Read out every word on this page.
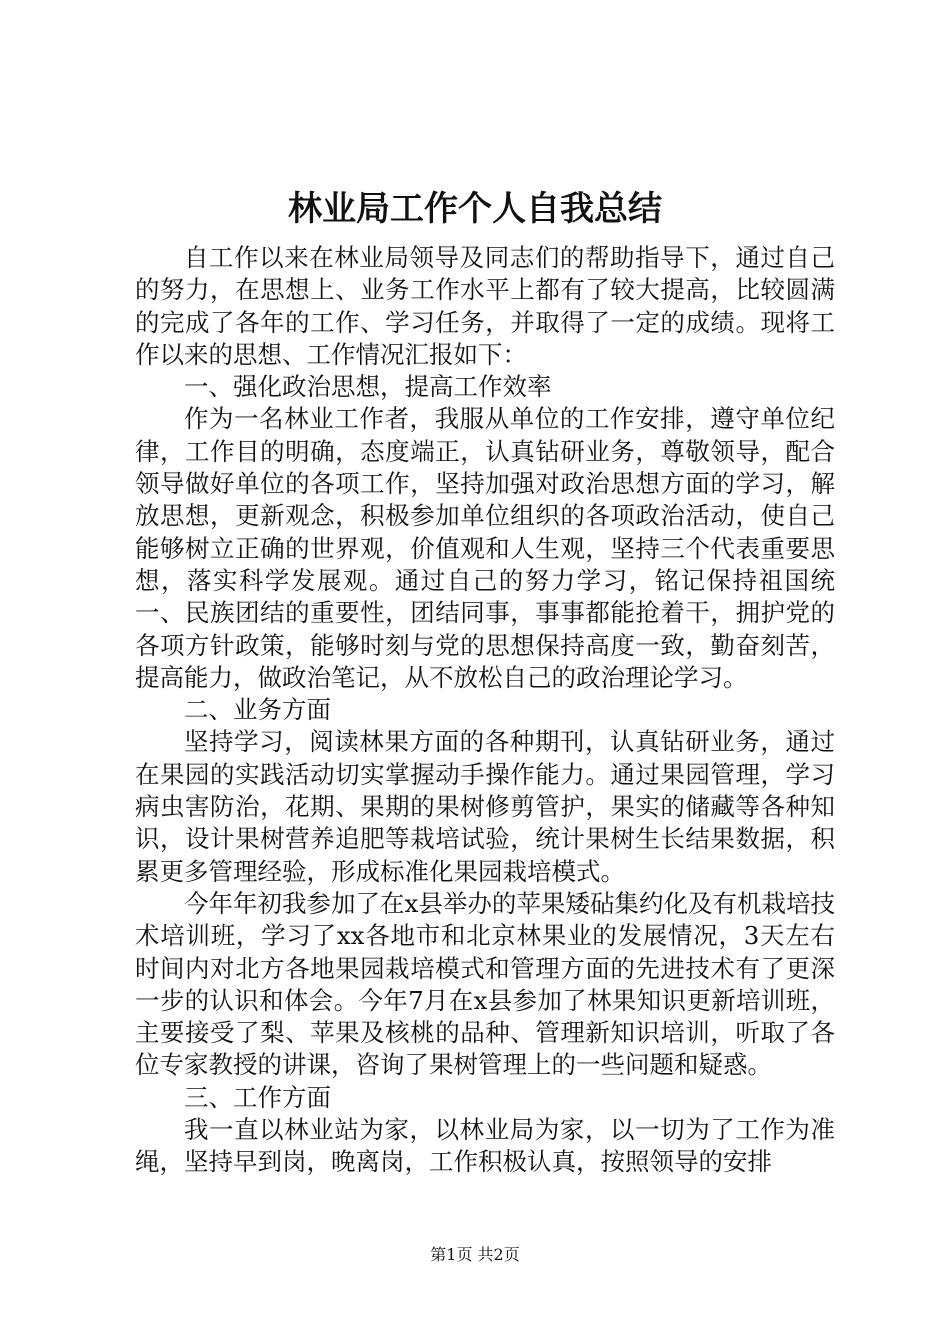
林业局工作个人自我总结

自工作以来在林业局领导及同志们的帮助指导下，通过自己的努力，在思想上、业务工作水平上都有了较大提高，比较圆满的完成了各年的工作、学习任务，并取得了一定的成绩。现将工作以来的思想、工作情况汇报如下：

一、强化政治思想，提高工作效率

作为一名林业工作者，我服从单位的工作安排，遵守单位纪律，工作目的明确，态度端正，认真钻研业务，尊敬领导，配合领导做好单位的各项工作，坚持加强对政治思想方面的学习，解放思想，更新观念，积极参加单位组织的各项政治活动，使自己能够树立正确的世界观，价值观和人生观，坚持三个代表重要思想，落实科学发展观。通过自己的努力学习，铭记保持祖国统一、民族团结的重要性，团结同事，事事都能抢着干，拥护党的各项方针政策，能够时刻与党的思想保持高度一致，勤奋刻苦，提高能力，做政治笔记，从不放松自己的政治理论学习。

二、业务方面

坚持学习，阅读林果方面的各种期刊，认真钻研业务，通过在果园的实践活动切实掌握动手操作能力。通过果园管理，学习病虫害防治，花期、果期的果树修剪管护，果实的储藏等各种知识，设计果树营养追肥等栽培试验，统计果树生长结果数据，积累更多管理经验，形成标准化果园栽培模式。

今年年初我参加了在x县举办的苹果矮砧集约化及有机栽培技术培训班，学习了xx各地市和北京林果业的发展情况，3天左右时间内对北方各地果园栽培模式和管理方面的先进技术有了更深一步的认识和体会。今年7月在x县参加了林果知识更新培训班，主要接受了梨、苹果及核桃的品种、管理新知识培训，听取了各位专家教授的讲课，咨询了果树管理上的一些问题和疑惑。

三、工作方面

我一直以林业站为家，以林业局为家，以一切为了工作为准绳，坚持早到岗，晚离岗，工作积极认真，按照领导的安排

第1页 共2页
